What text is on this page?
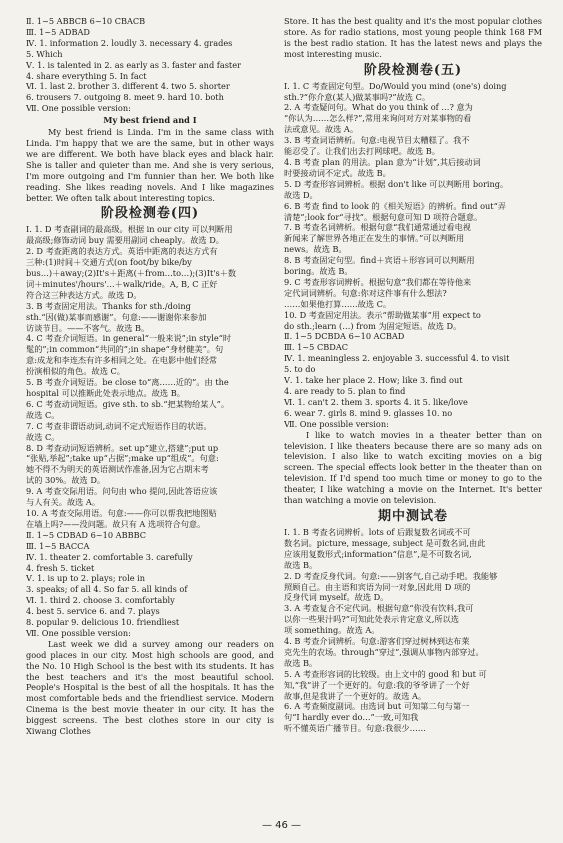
Ⅱ. 1~5 ABBCB 6~10 CBACB
Ⅲ. 1~5 ADBAD
Ⅳ. 1. information 2. loudly 3. necessary 4. grades
5. Which
Ⅴ. 1. is talented in 2. as early as 3. faster and faster
4. share everything 5. In fact
Ⅵ. 1. last 2. brother 3. different 4. two 5. shorter
6. trousers 7. outgoing 8. meet 9. hard 10. both
Ⅶ. One possible version:
My best friend and I
My best friend is Linda. I'm in the same class with Linda. I'm happy that we are the same, but in other ways we are different. We both have black eyes and black hair. She is taller and quieter than me. And she is very serious, I'm more outgoing and I'm funnier than her. We both like reading. She likes reading novels. And I like magazines better. We often talk about interesting topics.
阶段检测卷(四)
Ⅰ. 1. D 考查副词的最高级。根据 in our city 可以判断用
最高级;修饰动词 buy 需要用副词 cheaply。故选 D。
2. D 考查距离的表达方式。英语中距离的表达方式有
三种:(1)时间＋交通方式(on foot/by bike/by
bus…)＋away;(2)It's＋距离(＋from…to…);(3)It's＋数
词＋minutes'/hours'…＋walk/ride。A, B, C 正好
符合这三种表达方式。故选 D。
3. B 考查固定用法。Thanks for sth./doing
sth.“因(做)某事而感谢”。句意:——谢谢你来参加
访谈节目。——不客气。故选 B。
4. C 考查介词短语。in general“一般来说”;in style“时
髦的”;in common“共同的”;in shape“身材健美”。句
意:成龙和李连杰有许多相同之处。在电影中他们经常
扮演相似的角色。故选 C。
5. B 考查介词短语。be close to“离……近的”。由 the
hospital 可以推断此处表示地点。故选 B。
6. C 考查动词短语。give sth. to sb.“把某物给某人”。
故选 C。
7. C 考查非谓语动词,动词不定式短语作目的状语。
故选 C。
8. D 考查动词短语辨析。set up“建立,搭建”;put up
“张贴,举起”;take up“占据”;make up“组成”。句意:
她不得不为明天的英语测试作准备,因为它占期末考
试的 30%。故选 D。
9. A 考查交际用语。问句由 who 提问,因此答语应该
与人有关。故选 A。
10. A 考查交际用语。句意:——你可以帮我把地图贴
在墙上吗?——没问题。故只有 A 选项符合句意。
Ⅱ. 1~5 CDBAD 6~10 ABBBC
Ⅲ. 1~5 BACCA
Ⅳ. 1. theater 2. comfortable 3. carefully
4. fresh 5. ticket
Ⅴ. 1. is up to 2. plays; role in
3. speaks; of all 4. So far 5. all kinds of
Ⅵ. 1. third 2. choose 3. comfortably
4. best 5. service 6. and 7. plays
8. popular 9. delicious 10. friendliest
Ⅶ. One possible version:
Last week we did a survey among our readers on good places in our city. Most high schools are good, and the No. 10 High School is the best with its students. It has the best teachers and it's the most beautiful school. People's Hospital is the best of all the hospitals. It has the most comfortable beds and the friendliest service. Modern Cinema is the best movie theater in our city. It has the biggest screens. The best clothes store in our city is Xiwang Clothes
Store. It has the best quality and it's the most popular clothes store. As for radio stations, most young people think 168 FM is the best radio station. It has the latest news and plays the most interesting music.
阶段检测卷(五)
Ⅰ. 1. C 考查固定句型。Do/Would you mind (one's) doing
sth.?“你介意(某人)做某事吗?”故选 C。
2. A 考查疑问句。What do you think of …? 意为
“你认为……怎么样?”,常用来询问对方对某事物的看
法或意见。故选 A。
3. B 考查词语辨析。句意:电视节目太糟糕了。我不
能忍受了。让我们出去打网球吧。故选 B。
4. B 考查 plan 的用法。plan 意为“计划”,其后接动词
时要接动词不定式。故选 B。
5. D 考查形容词辨析。根据 don't like 可以判断用 boring。
故选 D。
6. B 考查 find to look 的《相关短语》的辨析。find out“弄
清楚”;look for“寻找”。根据句意可知 D 项符合题意。
7. B 考查名词辨析。根据句意“我们通常通过看电视
新闻来了解世界各地正在发生的事情。”可以判断用
news。故选 B。
8. B 考查固定句型。find＋宾语＋形容词可以判断用
boring。故选 B。
9. C 考查形容词辨析。根据句意“我们都在等待他来
定代词词辨析。句意:你对这件事有什么想法?
……如果他打算……故选 C。
10. D 考查固定用法。表示“帮助做某事”用 expect to
do sth.;learn (…) from 为固定短语。故选 D。
Ⅱ. 1~5 DCBDA 6~10 ACBAD
Ⅲ. 1~5 CBDAC
Ⅳ. 1. meaningless 2. enjoyable 3. successful 4. to visit
5. to do
Ⅴ. 1. take her place 2. How; like 3. find out
4. are ready to 5. plan to find
Ⅵ. 1. can't 2. them 3. sports 4. it 5. like/love
6. wear 7. girls 8. mind 9. glasses 10. no
Ⅶ. One possible version:
I like to watch movies in a theater better than on television. I like theaters because there are so many ads on television. I also like to watch exciting movies on a big screen. The special effects look better in the theater than on television. If I'd spend too much time or money to go to the theater, I like watching a movie on the Internet. It's better than watching a movie on television.
期中测试卷
Ⅰ. 1. B 考查名词辨析。lots of 后跟复数名词或不可
数名词。picture, message, subject 是可数名词,由此
应该用复数形式;information“信息”,是不可数名词,
故选 B。
2. D 考查反身代词。句意:——别客气,自己动手吧。我能够
照顾自己。由主语和宾语为同一对象,因此用 D 项的
反身代词 myself。故选 D。
3. A 考查复合不定代词。根据句意“你没有饮料,我可
以你一些果汁吗?”可知此处表示肯定意义,所以选
项 something。故选 A。
4. B 考查介词辨析。句意:游客们穿过树林到达布莱
克先生的农场。through“穿过”,强调从事物内部穿过。
故选 B。
5. A 考查形容词的比较级。由上文中的 good 和 but 可
知,“我”讲了一个更好的。句意:我的爷爷讲了一个好
故事,但是我讲了一个更好的。故选 A。
6. A 考查频度副词。由选词 but 可知第二句与第一
句“I hardly ever do…”一致,可知我
听不懂英语广播节目。句意:我很少……
— 46 —
